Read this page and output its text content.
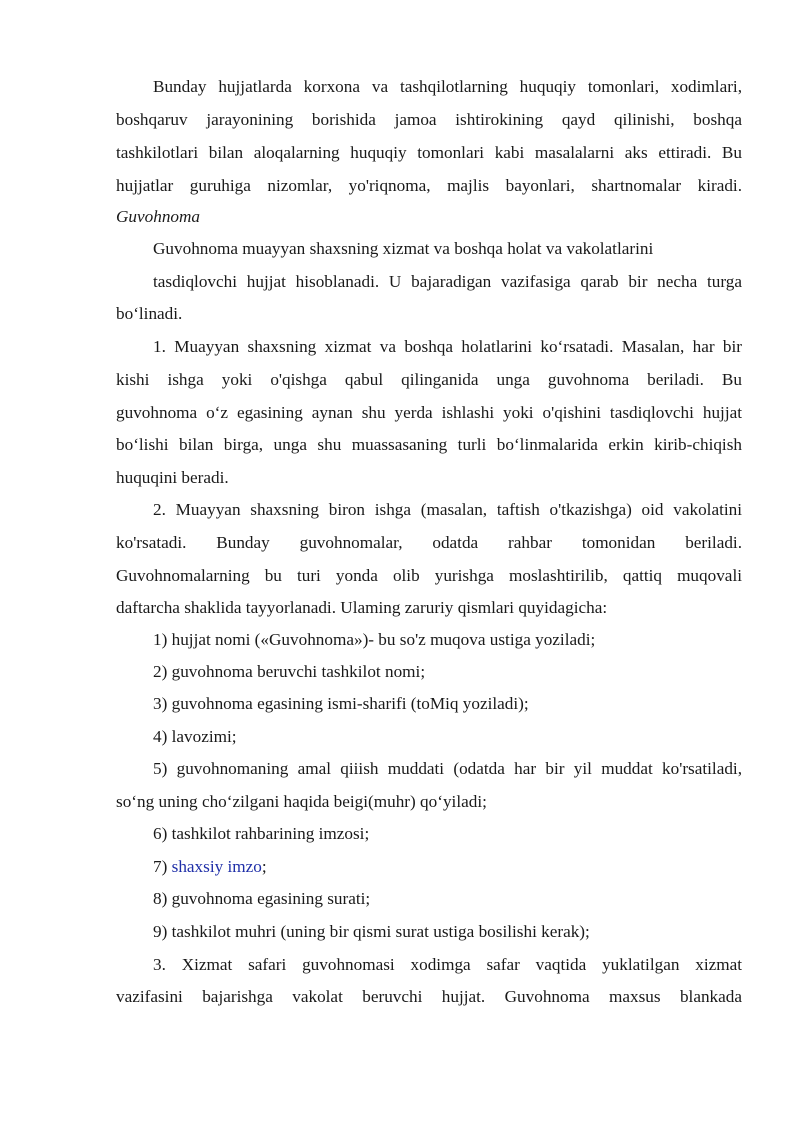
Bunday hujjatlarda korxona va tashqilotlarning huquqiy tomonlari, xodimlari,
boshqaruv jarayonining borishida jamoa ishtirokining qayd qilinishi, boshqa
tashkilotlari bilan aloqalarning huquqiy tomonlari kabi masalalarni aks ettiradi. Bu
hujjatlar guruhiga nizomlar, yo'riqnoma, majlis bayonlari, shartnomalar kiradi.
Guvohnoma
Guvohnoma muayyan shaxsning xizmat va boshqa holat va vakolatlarini
tasdiqlovchi hujjat hisoblanadi. U bajaradigan vazifasiga qarab bir necha turga
bo‘linadi.
1. Muayyan shaxsning xizmat va boshqa holatlarini ko‘rsatadi. Masalan, har bir
kishi ishga yoki o'qishga qabul qilinganida unga guvohnoma beriladi. Bu
guvohnoma o‘z egasining aynan shu yerda ishlashi yoki o'qishini tasdiqlovchi hujjat
bo‘lishi bilan birga, unga shu muassasaning turli bo‘linmalarida erkin kirib-chiqish
huquqini beradi.
2. Muayyan shaxsning biron ishga (masalan, taftish o'tkazishga) oid vakolatini
ko'rsatadi. Bunday guvohnomalar, odatda rahbar tomonidan beriladi.
Guvohnomalarning bu turi yonda olib yurishga moslashtirilib, qattiq muqovali
daftarcha shaklida tayyorlanadi. Ulaming zaruriy qismlari quyidagicha:
1) hujjat nomi («Guvohnoma»)- bu so'z muqova ustiga yoziladi;
2) guvohnoma beruvchi tashkilot nomi;
3) guvohnoma egasining ismi-sharifi (toMiq yoziladi);
4) lavozimi;
5) guvohnomaning amal qiiish muddati (odatda har bir yil muddat ko'rsatiladi,
so‘ng uning cho‘zilgani haqida beigi(muhr) qo‘yiladi;
6) tashkilot rahbarining imzosi;
7) shaxsiy imzo;
8) guvohnoma egasining surati;
9) tashkilot muhri (uning bir qismi surat ustiga bosilishi kerak);
3. Xizmat safari guvohnomasi xodimga safar vaqtida yuklatilgan xizmat
vazifasini bajarishga vakolat beruvchi hujjat. Guvohnoma maxsus blankada
